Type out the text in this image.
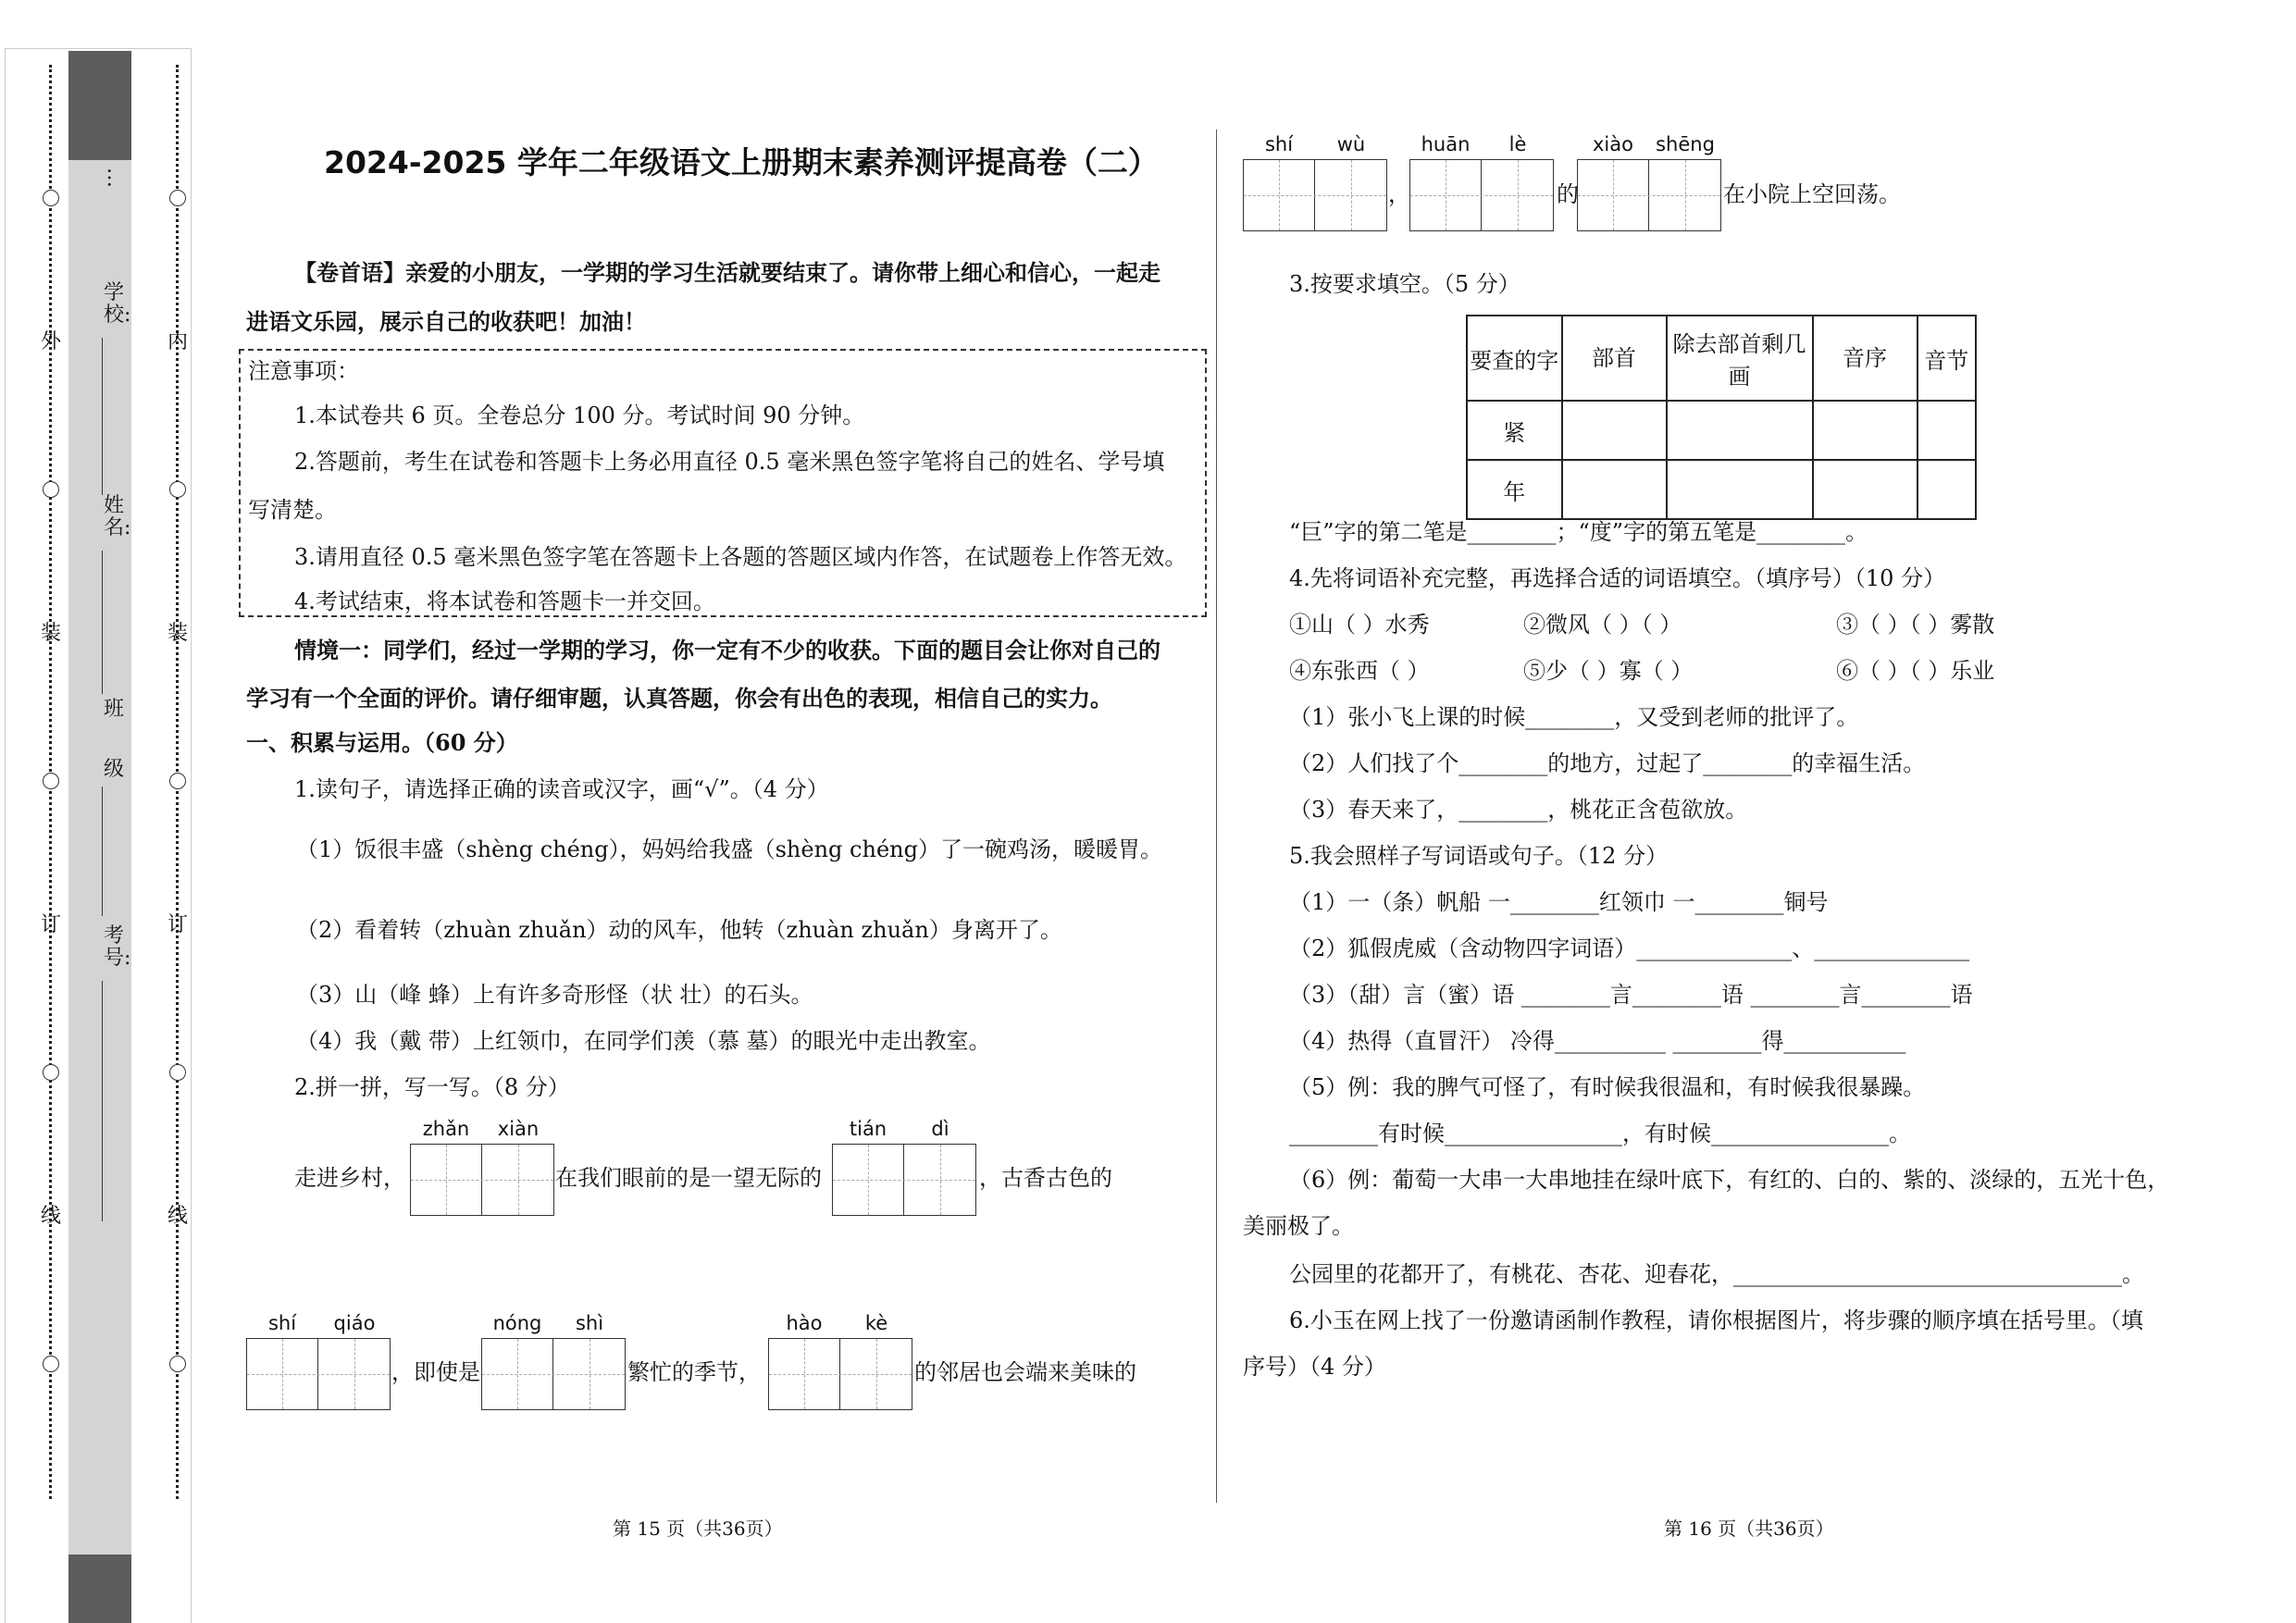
外
装
订
线
内
装
订
线
…
学校:
姓名:
班
级
考号:
2024-2025 学年二年级语文上册期末素养测评提高卷（二）
【卷首语】亲爱的小朋友，一学期的学习生活就要结束了。请你带上细心和信心，一起走
进语文乐园，展示自己的收获吧！加油！
注意事项：
1.本试卷共 6 页。全卷总分 100 分。考试时间 90 分钟。
2.答题前，考生在试卷和答题卡上务必用直径 0.5 毫米黑色签字笔将自己的姓名、学号填
写清楚。
3.请用直径 0.5 毫米黑色签字笔在答题卡上各题的答题区域内作答，在试题卷上作答无效。
4.考试结束，将本试卷和答题卡一并交回。
情境一：同学们，经过一学期的学习，你一定有不少的收获。下面的题目会让你对自己的
学习有一个全面的评价。请仔细审题，认真答题，你会有出色的表现，相信自己的实力。
一、积累与运用。（60 分）
1.读句子，请选择正确的读音或汉字，画“√”。（4 分）
（1）饭很丰盛（shèng chéng），妈妈给我盛（shèng chéng）了一碗鸡汤，暖暖胃。
（2）看着转（zhuàn zhuǎn）动的风车，他转（zhuàn zhuǎn）身离开了。
（3）山（峰 蜂）上有许多奇形怪（状 壮）的石头。
（4）我（戴 带）上红领巾，在同学们羡（慕 墓）的眼光中走出教室。
2.拼一拼，写一写。（8 分）
走进乡村，
zhǎn	xiàn
在我们眼前的是一望无际的
tián	dì
，古香古色的
shí	qiáo
，即使是
nóng	shì
繁忙的季节，
hào	kè
的邻居也会端来美味的
第 15 页（共36页）
shí	wù
，
huān	lè
的
xiào	shēng
在小院上空回荡。
3.按要求填空。（5 分）
要查的字	部首	除去部首剩几画	音序	音节
紧				
年				
“巨”字的第二笔是________；“度”字的第五笔是________。
4.先将词语补充完整，再选择合适的词语填空。（填序号）（10 分）
①山（ ）水秀	②微风（ ）（ ）	③（ ）（ ）雾散
④东张西（ ）	⑤少（ ）寡（ ）	⑥（ ）（ ）乐业
（1）张小飞上课的时候________，又受到老师的批评了。
（2）人们找了个________的地方，过起了________的幸福生活。
（3）春天来了，________，桃花正含苞欲放。
5.我会照样子写词语或句子。（12 分）
（1）一（条）帆船 一________红领巾 一________铜号
（2）狐假虎威（含动物四字词语）______________、______________
（3）（甜）言（蜜）语 ________言________语 ________言________语
（4）热得（直冒汗） 冷得__________ ________得___________
（5）例：我的脾气可怪了，有时候我很温和，有时候我很暴躁。
________有时候________________，有时候________________。
（6）例：葡萄一大串一大串地挂在绿叶底下，有红的、白的、紫的、淡绿的，五光十色，
美丽极了。
公园里的花都开了，有桃花、杏花、迎春花，___________________________________。
6.小玉在网上找了一份邀请函制作教程，请你根据图片，将步骤的顺序填在括号里。（填
序号）（4 分）
第 16 页（共36页）
